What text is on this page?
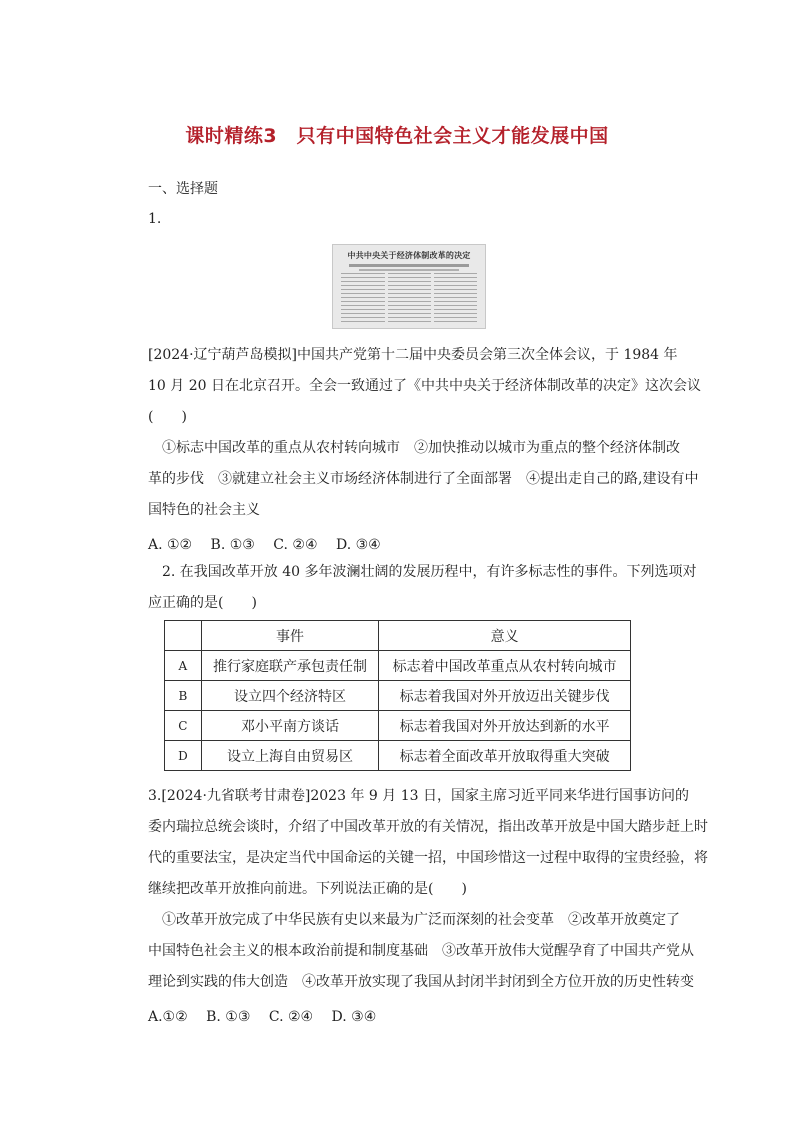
课时精练3　只有中国特色社会主义才能发展中国
一、选择题
1.
中共中央关于经济体制改革的决定
[2024·辽宁葫芦岛模拟]中国共产党第十二届中央委员会第三次全体会议，于 1984 年
10 月 20 日在北京召开。全会一致通过了《中共中央关于经济体制改革的决定》这次会议
(　　)
　①标志中国改革的重点从农村转向城市　②加快推动以城市为重点的整个经济体制改
革的步伐　③就建立社会主义市场经济体制进行了全面部署　④提出走自己的路,建设有中
国特色的社会主义
A. ①②　 B. ①③　 C. ②④　 D. ③④
　2. 在我国改革开放 40 多年波澜壮阔的发展历程中，有许多标志性的事件。下列选项对
应正确的是(　　)
	事件	意义
A	推行家庭联产承包责任制	标志着中国改革重点从农村转向城市
B	设立四个经济特区	标志着我国对外开放迈出关键步伐
C	邓小平南方谈话	标志着我国对外开放达到新的水平
D	设立上海自由贸易区	标志着全面改革开放取得重大突破
3.[2024·九省联考甘肃卷]2023 年 9 月 13 日，国家主席习近平同来华进行国事访问的
委内瑞拉总统会谈时，介绍了中国改革开放的有关情况，指出改革开放是中国大踏步赶上时
代的重要法宝，是决定当代中国命运的关键一招，中国珍惜这一过程中取得的宝贵经验，将
继续把改革开放推向前进。下列说法正确的是(　　)
　①改革开放完成了中华民族有史以来最为广泛而深刻的社会变革　②改革开放奠定了
中国特色社会主义的根本政治前提和制度基础　③改革开放伟大觉醒孕育了中国共产党从
理论到实践的伟大创造　④改革开放实现了我国从封闭半封闭到全方位开放的历史性转变
A.①②　 B. ①③　 C. ②④　 D. ③④
